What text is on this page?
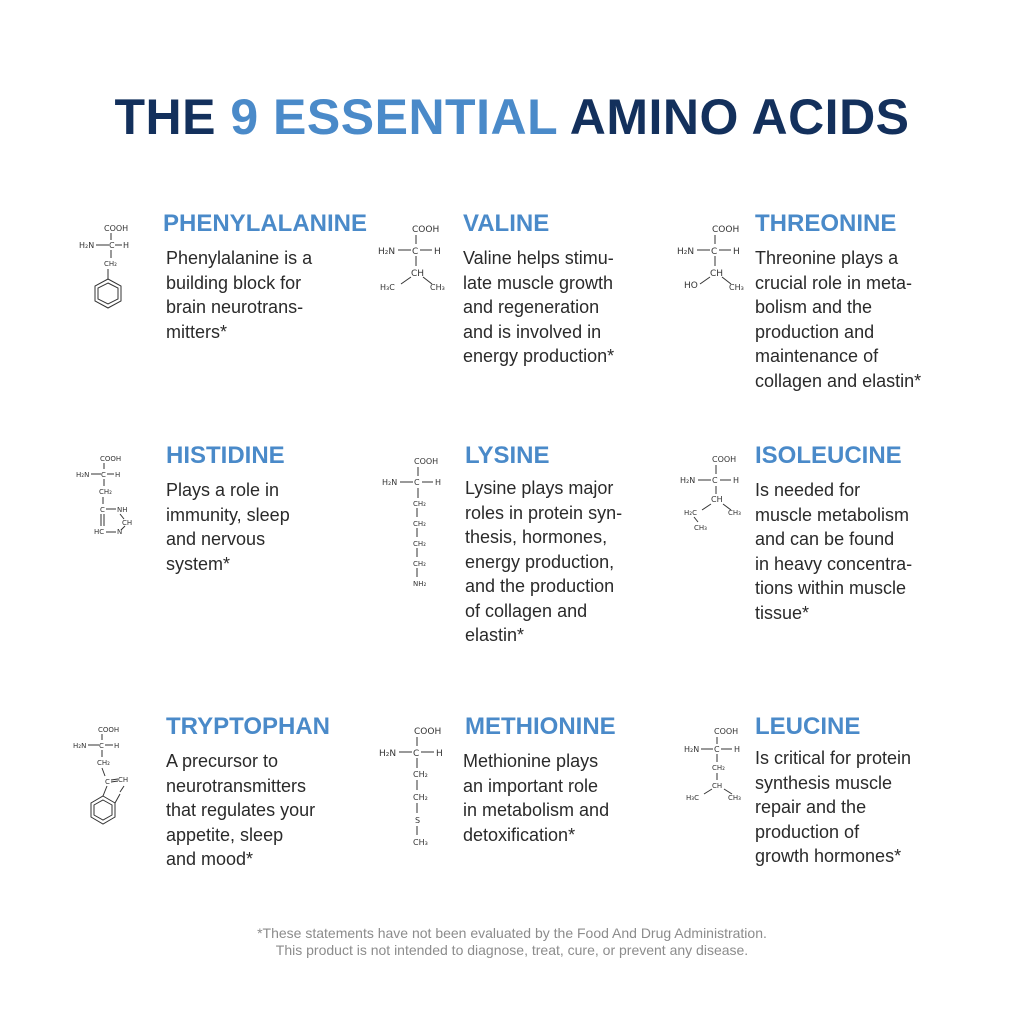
THE 9 ESSENTIAL AMINO ACIDS
COOH
H₂N C H
CH₂
PHENYLALANINE
Phenylalanine is a
building block for
brain neurotrans-
mitters*
COOH
H₂N C H
CH
H₃C	CH₃
VALINE
Valine helps stimu-
late muscle growth
and regeneration
and is involved in
energy production*
COOH
H₂N C H
CH
HO	CH₃
THREONINE
Threonine plays a
crucial role in meta-
bolism and the
production and
maintenance of
collagen and elastin*
COOH
H₂N C H
CH₂
C NH
CH
HC N
HISTIDINE
Plays a role in
immunity, sleep
and nervous
system*
COOH
H₂N C H
CH₂
CH₂
CH₂
CH₂
NH₂
LYSINE
Lysine plays major
roles in protein syn-
thesis, hormones,
energy production,
and the production
of collagen and
elastin*
COOH
H₂N C H
CH
H₂C	CH₃
CH₃
ISOLEUCINE
Is needed for
muscle metabolism
and can be found
in heavy concentra-
tions within muscle
tissue*
COOH
H₂N C H
CH₂
C CH
TRYPTOPHAN
A precursor to
neurotransmitters
that regulates your
appetite, sleep
and mood*
COOH
H₂N C H
CH₂
CH₂
S
CH₃
METHIONINE
Methionine plays
an important role
in metabolism and
detoxification*
COOH
H₂N C H
CH₂
CH
H₃C	CH₃
LEUCINE
Is critical for protein
synthesis muscle
repair and the
production of
growth hormones*
*These statements have not been evaluated by the Food And Drug Administration.
This product is not intended to diagnose, treat, cure, or prevent any disease.
